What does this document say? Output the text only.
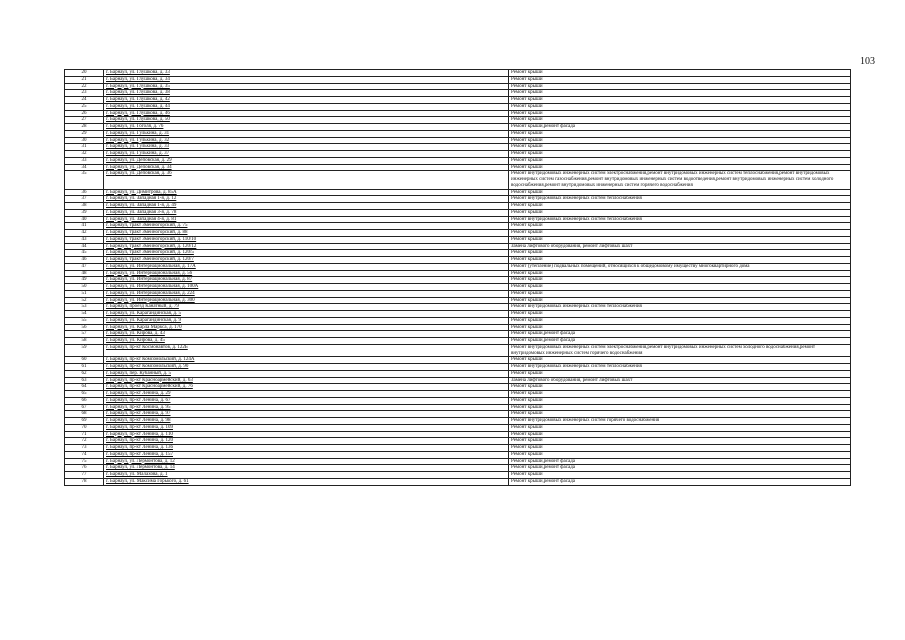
103
20	г. Барнаул, ул. Глушкова, д. 33	Ремонт крыши
21	г. Барнаул, ул. Глушкова, д. 34	Ремонт крыши
22	г. Барнаул, ул. Глушкова, д. 35	Ремонт крыши
23	г. Барнаул, ул. Глушкова, д. 38	Ремонт крыши
24	г. Барнаул, ул. Глушкова, д. 42	Ремонт крыши
25	г. Барнаул, ул. Глушкова, д. 44	Ремонт крыши
26	г. Барнаул, ул. Глушкова, д. 46	Ремонт крыши
27	г. Барнаул, ул. Глушкова, д. 50	Ремонт крыши
28	г. Барнаул, ул. Гоголя, д. 76	Ремонт крыши,ремонт фасада
29	г. Барнаул, ул. Гулькина, д. 31	Ремонт крыши
30	г. Барнаул, ул. Гулькина, д. 32	Ремонт крыши
31	г. Барнаул, ул. Гулькина, д. 33	Ремонт крыши
32	г. Барнаул, ул. Гулькина, д. 37	Ремонт крыши
33	г. Барнаул, ул. Деповская, д. 29	Ремонт крыши
34	г. Барнаул, ул. Деповская, д. 34	Ремонт крыши
35	г. Барнаул, ул. Деповская, д. 36	Ремонт внутридомовых инженерных систем электроснабжения,ремонт внутридомовых инженерных систем теплоснабжения,ремонт внутридомовых инженерных систем газоснабжения,ремонт внутридомовых инженерных систем водоотведения,ремонт внутридомовых инженерных систем холодного водоснабжения,ремонт внутридомовых инженерных систем горячего водоснабжения
36	г. Барнаул, ул. Димитрова, д. 85А	Ремонт крыши
37	г. Барнаул, ул. Западная 1-я, д. 12	Ремонт внутридомовых инженерных систем теплоснабжения
38	г. Барнаул, ул. Западная 1-я, д. 49	Ремонт крыши
39	г. Барнаул, ул. Западная 3-я, д. 78	Ремонт крыши
40	г. Барнаул, ул. Западная 4-я, д. 81	Ремонт внутридомовых инженерных систем теплоснабжения
41	г. Барнаул, тракт Змеиногорский, д. 75	Ремонт крыши
42	г. Барнаул, тракт Змеиногорский, д. 88	Ремонт крыши
43	г. Барнаул, тракт Змеиногорский, д. 110/10	Ремонт крыши
44	г. Барнаул, тракт Змеиногорский, д. 120/12	Замена лифтового оборудования, ремонт лифтовых шахт
45	г. Барнаул, тракт Змеиногорский, д. 120/5	Ремонт крыши
46	г. Барнаул, тракт Змеиногорский, д. 120/7	Ремонт крыши
47	г. Барнаул, ул. Интернациональная, д. 17А	Ремонт (утепление) подвальных помещений, относящихся к общедомовому имуществу многоквартирного дома
48	г. Барнаул, ул. Интернациональная, д. 56	Ремонт крыши
49	г. Барнаул, ул. Интернациональная, д. 87	Ремонт крыши
50	г. Барнаул, ул. Интернациональная, д. 100А	Ремонт крыши
51	г. Барнаул, ул. Интернациональная, д. 224	Ремонт крыши
52	г. Барнаул, ул. Интернациональная, д. 300	Ремонт крыши
53	г. Барнаул, проезд Канатный, д. 79	Ремонт внутридомовых инженерных систем теплоснабжения
54	г. Барнаул, ул. Карагандинская, д. 5	Ремонт крыши
55	г. Барнаул, ул. Карагандинская, д. 9	Ремонт крыши
56	г. Барнаул, ул. Карла Маркса, д. 170	Ремонт крыши
57	г. Барнаул, ул. Кирова, д. 43	Ремонт крыши,ремонт фасада
58	г. Барнаул, ул. Кирова, д. 45	Ремонт крыши,ремонт фасада
59	г. Барнаул, пр-кт Космонавтов, д. 122Б	Ремонт внутридомовых инженерных систем электроснабжения,ремонт внутридомовых инженерных систем холодного водоснабжения,ремонт внутридомовых инженерных систем горячего водоснабжения
60	г. Барнаул, пр-кт Комсомольский, д. 124А	Ремонт крыши
61	г. Барнаул, пр-кт Комсомольский, д. 90	Ремонт внутридомовых инженерных систем теплоснабжения
62	г. Барнаул, пер. Кубанный, д. 5	Ремонт крыши
63	г. Барнаул, пр-кт Красноармейский, д. 63	Замена лифтового оборудования, ремонт лифтовых шахт
64	г. Барнаул, пр-кт Красноармейский, д. 76	Ремонт крыши
65	г. Барнаул, пр-кт Ленина, д. 29	Ремонт крыши
66	г. Барнаул, пр-кт Ленина, д. 67	Ремонт крыши
67	г. Барнаул, пр-кт Ленина, д. 95	Ремонт крыши
68	г. Барнаул, пр-кт Ленина, д. 97	Ремонт крыши
69	г. Барнаул, пр-кт Ленина, д. 98	Ремонт внутридомовых инженерных систем горячего водоснабжения
70	г. Барнаул, пр-кт Ленина, д. 109	Ремонт крыши
71	г. Барнаул, пр-кт Ленина, д. 110	Ремонт крыши
72	г. Барнаул, пр-кт Ленина, д. 120	Ремонт крыши
73	г. Барнаул, пр-кт Ленина, д. 136	Ремонт крыши
74	г. Барнаул, пр-кт Ленина, д. 157	Ремонт крыши
75	г. Барнаул, ул. Лермонтова, д. 12	Ремонт крыши,ремонт фасада
76	г. Барнаул, ул. Лермонтова, д. 14	Ремонт крыши,ремонт фасада
77	г. Барнаул, ул. Малахова, д. 1	Ремонт крыши
78	г. Барнаул, ул. Максима Горького, д. 61	Ремонт крыши,ремонт фасада
